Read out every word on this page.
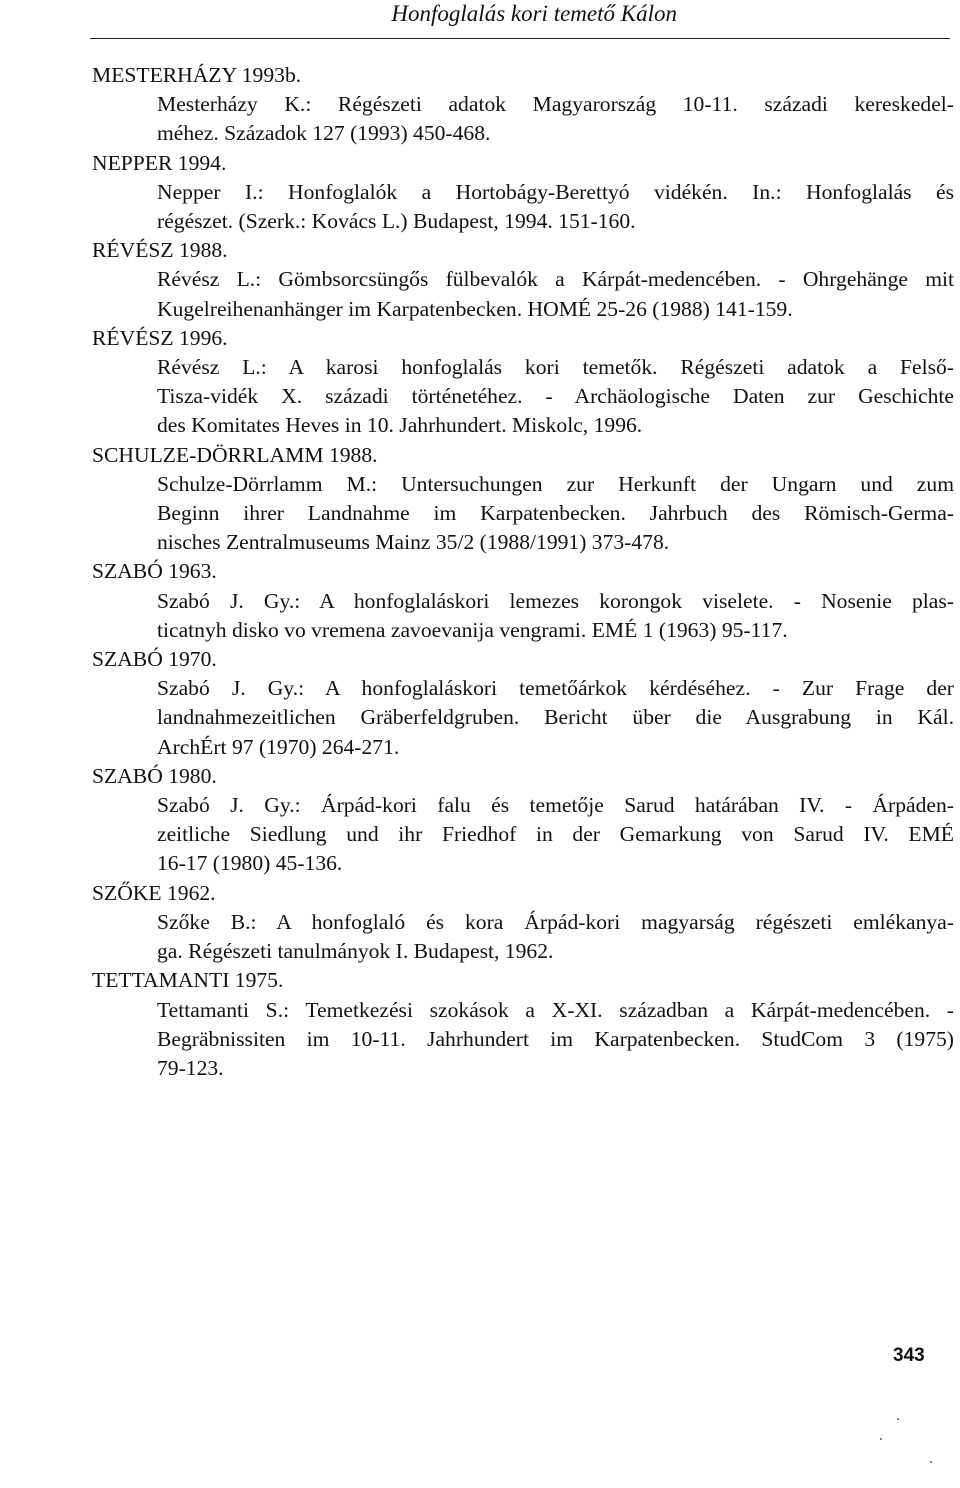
Honfoglalás kori temető Kálon

MESTERHÁZY 1993b.

Mesterházy K.: Régészeti adatok Magyarország 10-11. századi kereskedel-

méhez. Századok 127 (1993) 450-468.

NEPPER 1994.

Nepper I.: Honfoglalók a Hortobágy-Berettyó vidékén. In.: Honfoglalás és

régészet. (Szerk.: Kovács L.) Budapest, 1994. 151-160.

RÉVÉSZ 1988.

Révész L.: Gömbsorcsüngős fülbevalók a Kárpát-medencében. - Ohrgehänge mit

Kugelreihenanhänger im Karpatenbecken. HOMÉ 25-26 (1988) 141-159.

RÉVÉSZ 1996.

Révész L.: A karosi honfoglalás kori temetők. Régészeti adatok a Felső-

Tisza-vidék X. századi történetéhez. - Archäologische Daten zur Geschichte

des Komitates Heves in 10. Jahrhundert. Miskolc, 1996.

SCHULZE-DÖRRLAMM 1988.

Schulze-Dörrlamm M.: Untersuchungen zur Herkunft der Ungarn und zum

Beginn ihrer Landnahme im Karpatenbecken. Jahrbuch des Römisch-Germa-

nisches Zentralmuseums Mainz 35/2 (1988/1991) 373-478.

SZABÓ 1963.

Szabó J. Gy.: A honfoglaláskori lemezes korongok viselete. - Nosenie plas-

ticatnyh disko vo vremena zavoevanija vengrami. EMÉ 1 (1963) 95-117.

SZABÓ 1970.

Szabó J. Gy.: A honfoglaláskori temetőárkok kérdéséhez. - Zur Frage der

landnahmezeitlichen Gräberfeldgruben. Bericht über die Ausgrabung in Kál.

ArchÉrt 97 (1970) 264-271.

SZABÓ 1980.

Szabó J. Gy.: Árpád-kori falu és temetője Sarud határában IV. - Árpáden-

zeitliche Siedlung und ihr Friedhof in der Gemarkung von Sarud IV. EMÉ

16-17 (1980) 45-136.

SZŐKE 1962.

Szőke B.: A honfoglaló és kora Árpád-kori magyarság régészeti emlékanya-

ga. Régészeti tanulmányok I. Budapest, 1962.

TETTAMANTI 1975.

Tettamanti S.: Temetkezési szokások a X-XI. században a Kárpát-medencében. -

Begräbnissiten im 10-11. Jahrhundert im Karpatenbecken. StudCom 3 (1975)

79-123.

343
